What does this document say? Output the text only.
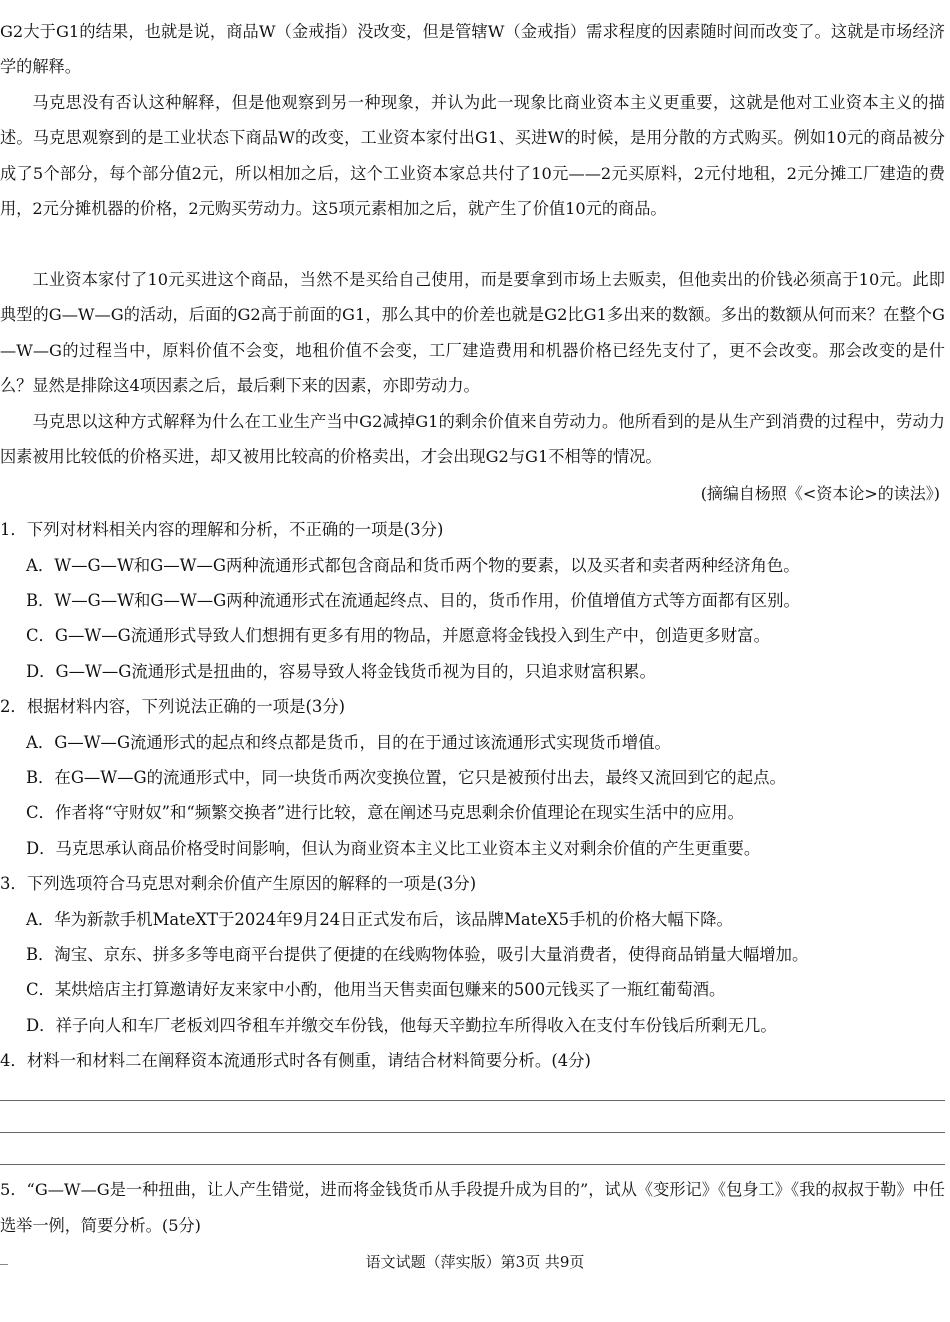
G2大于G1的结果，也就是说，商品W（金戒指）没改变，但是管辖W（金戒指）需求程度的因素随时间而改变了。这就是市场经济学的解释。
马克思没有否认这种解释，但是他观察到另一种现象，并认为此一现象比商业资本主义更重要，这就是他对工业资本主义的描述。马克思观察到的是工业状态下商品W的改变，工业资本家付出G1、买进W的时候，是用分散的方式购买。例如10元的商品被分成了5个部分，每个部分值2元，所以相加之后，这个工业资本家总共付了10元——2元买原料，2元付地租，2元分摊工厂建造的费用，2元分摊机器的价格，2元购买劳动力。这5项元素相加之后，就产生了价值10元的商品。
工业资本家付了10元买进这个商品，当然不是买给自己使用，而是要拿到市场上去贩卖，但他卖出的价钱必须高于10元。此即典型的G—W—G的活动，后面的G2高于前面的G1，那么其中的价差也就是G2比G1多出来的数额。多出的数额从何而来？在整个G—W—G的过程当中，原料价值不会变，地租价值不会变，工厂建造费用和机器价格已经先支付了，更不会改变。那会改变的是什么？显然是排除这4项因素之后，最后剩下来的因素，亦即劳动力。
马克思以这种方式解释为什么在工业生产当中G2减掉G1的剩余价值来自劳动力。他所看到的是从生产到消费的过程中，劳动力因素被用比较低的价格买进，却又被用比较高的价格卖出，才会出现G2与G1不相等的情况。
(摘编自杨照《<资本论>的读法》)
1．下列对材料相关内容的理解和分析，不正确的一项是(3分)
A．W—G—W和G—W—G两种流通形式都包含商品和货币两个物的要素，以及买者和卖者两种经济角色。
B．W—G—W和G—W—G两种流通形式在流通起终点、目的，货币作用，价值增值方式等方面都有区别。
C．G—W—G流通形式导致人们想拥有更多有用的物品，并愿意将金钱投入到生产中，创造更多财富。
D．G—W—G流通形式是扭曲的，容易导致人将金钱货币视为目的，只追求财富积累。
2．根据材料内容，下列说法正确的一项是(3分)
A．G—W—G流通形式的起点和终点都是货币，目的在于通过该流通形式实现货币增值。
B．在G—W—G的流通形式中，同一块货币两次变换位置，它只是被预付出去，最终又流回到它的起点。
C．作者将“守财奴”和“频繁交换者”进行比较，意在阐述马克思剩余价值理论在现实生活中的应用。
D．马克思承认商品价格受时间影响，但认为商业资本主义比工业资本主义对剩余价值的产生更重要。
3．下列选项符合马克思对剩余价值产生原因的解释的一项是(3分)
A．华为新款手机MateXT于2024年9月24日正式发布后，该品牌MateX5手机的价格大幅下降。
B．淘宝、京东、拼多多等电商平台提供了便捷的在线购物体验，吸引大量消费者，使得商品销量大幅增加。
C．某烘焙店主打算邀请好友来家中小酌，他用当天售卖面包赚来的500元钱买了一瓶红葡萄酒。
D．祥子向人和车厂老板刘四爷租车并缴交车份钱，他每天辛勤拉车所得收入在支付车份钱后所剩无几。
4．材料一和材料二在阐释资本流通形式时各有侧重，请结合材料简要分析。(4分)
5．“G—W—G是一种扭曲，让人产生错觉，进而将金钱货币从手段提升成为目的”，试从《变形记》《包身工》《我的叔叔于勒》中任选举一例，简要分析。(5分)
语文试题（萍实版）第3页 共9页
